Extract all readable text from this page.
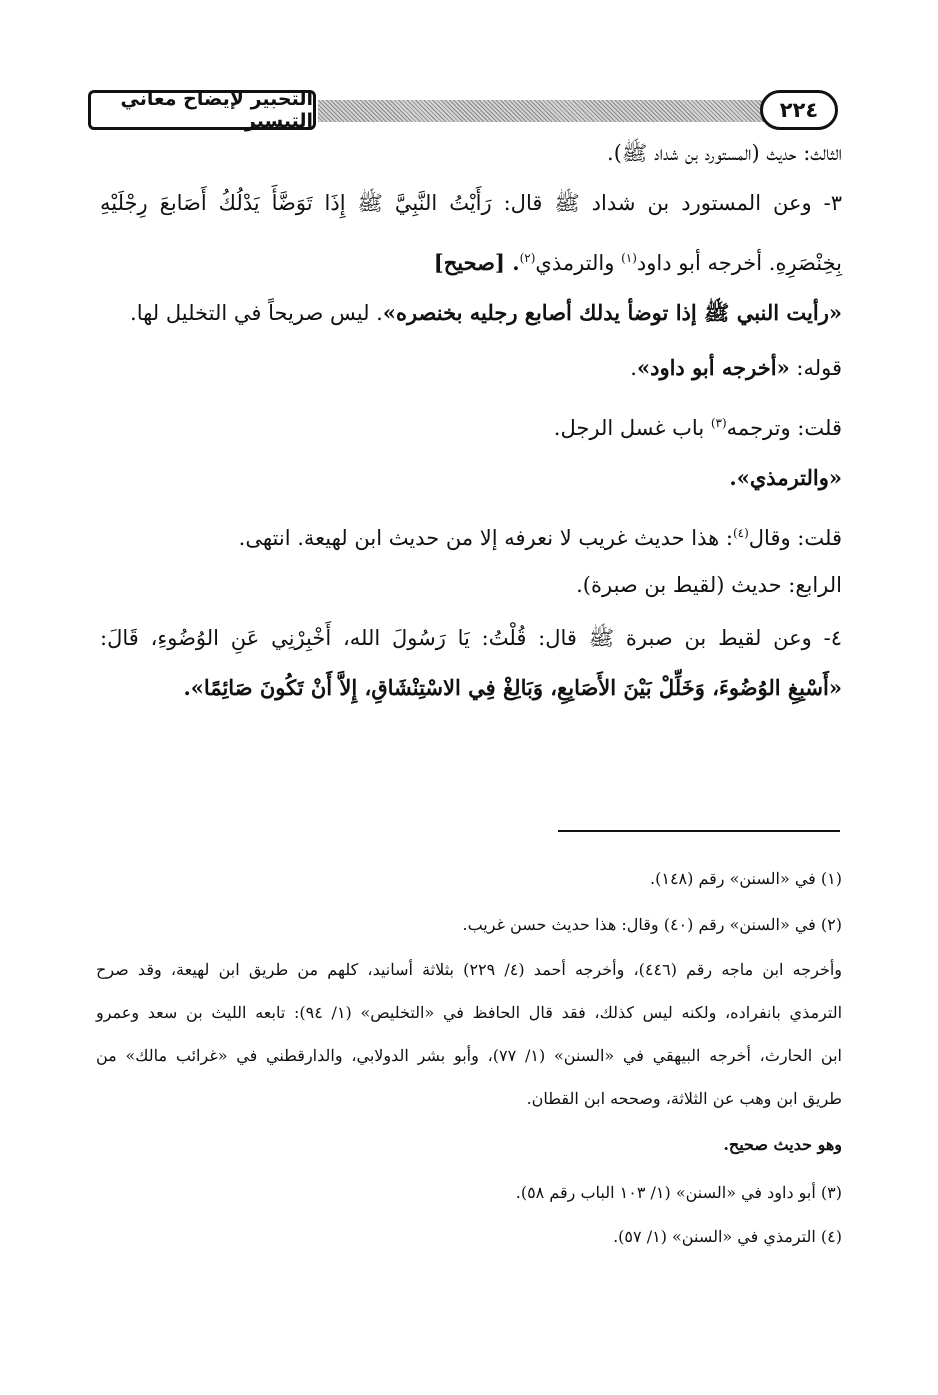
التحبير لإيضاح معاني التيسير	٢٢٤
الثالث: حديث (المستورد بن شداد ﷺ).
٣- وعن المستورد بن شداد ﷺ قال: رَأَيْتُ النَّبِيَّ ﷺ إِذَا تَوَضَّأَ يَدْلُكُ أَصَابعَ رِجْلَيْهِ
بِخِنْصَرِهِ. أخرجه أبو داود$^{(١)}$ والترمذي$^{(٢)}$. [صحيح]
«رأيت النبي ﷺ إذا توضأ يدلك أصابع رجليه بخنصره». ليس صريحاً في التخليل لها.
قوله: «أخرجه أبو داود».
قلت: وترجمه$^{(٣)}$ باب غسل الرجل.
«والترمذي».
قلت: وقال$^{(٤)}$: هذا حديث غريب لا نعرفه إلا من حديث ابن لهيعة. انتهى.
الرابع: حديث (لقيط بن صبرة).
٤- وعن لقيط بن صبرة ﷺ قال: قُلْتُ: يَا رَسُولَ الله، أَخْبِرْنِي عَنِ الوُضُوءِ، قَالَ:
«أَسْبِغِ الوُضُوءَ، وَخَلِّلْ بَيْنَ الأَصَابِعِ، وَبَالِغْ فِي الاسْتِنْشَاقِ، إِلاَّ أَنْ تَكُونَ صَائِمًا».
(١) في «السنن» رقم (١٤٨).
(٢) في «السنن» رقم (٤٠) وقال: هذا حديث حسن غريب.
وأخرجه ابن ماجه رقم (٤٤٦)، وأخرجه أحمد (٤/ ٢٢٩) بثلاثة أسانيد، كلهم من طريق ابن لهيعة، وقد صرح
الترمذي بانفراده، ولكنه ليس كذلك، فقد قال الحافظ في «التخليص» (١/ ٩٤): تابعه الليث بن سعد وعمرو
ابن الحارث، أخرجه البيهقي في «السنن» (١/ ٧٧)، وأبو بشر الدولابي، والدارقطني في «غرائب مالك» من
طريق ابن وهب عن الثلاثة، وصححه ابن القطان.
وهو حديث صحيح.
(٣) أبو داود في «السنن» (١/ ١٠٣ الباب رقم ٥٨).
(٤) الترمذي في «السنن» (١/ ٥٧).
